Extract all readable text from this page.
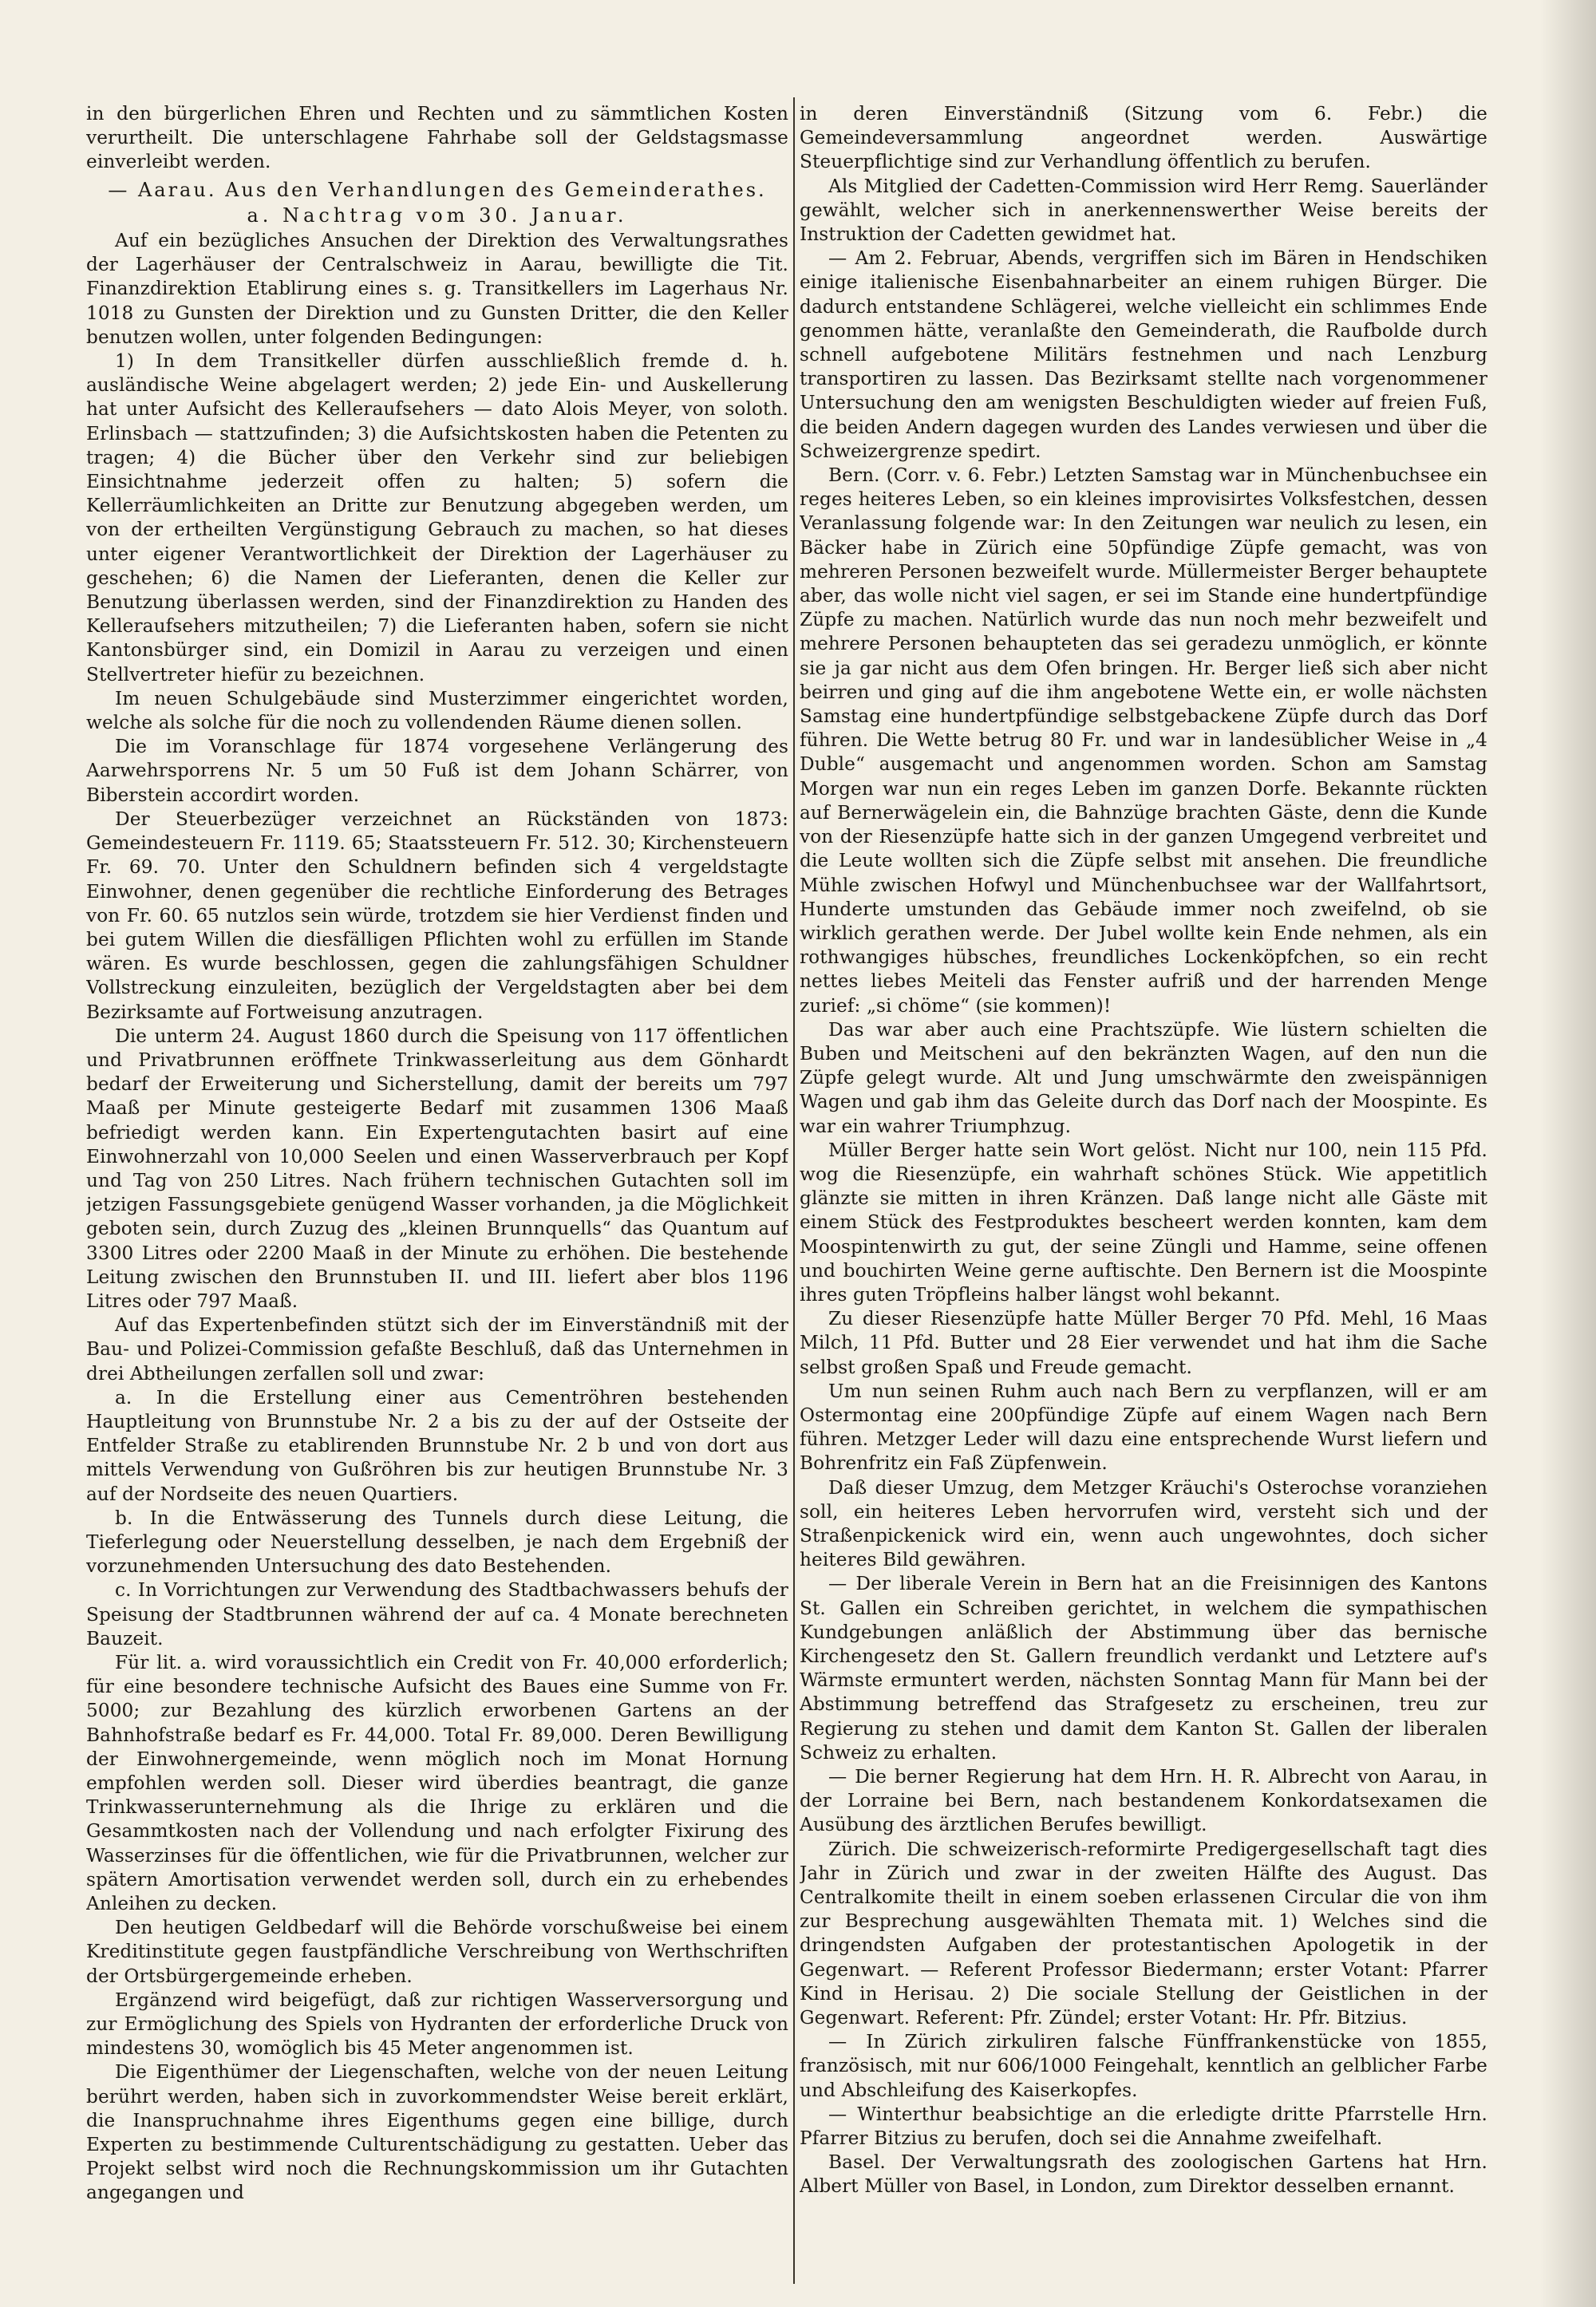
in den bürgerlichen Ehren und Rechten und zu sämmtlichen Kosten verurtheilt. Die unterschlagene Fahrhabe soll der Geldstagsmasse einverleibt werden.

— Aarau. Aus den Verhandlungen des Gemeinderathes.
a. Nachtrag vom 30. Januar.

Auf ein bezügliches Ansuchen der Direktion des Verwaltungsrathes der Lagerhäuser der Centralschweiz in Aarau, bewilligte die Tit. Finanzdirektion Etablirung eines s. g. Transitkellers im Lagerhaus Nr. 1018 zu Gunsten der Direktion und zu Gunsten Dritter, die den Keller benutzen wollen, unter folgenden Bedingungen:

1) In dem Transitkeller dürfen ausschließlich fremde d. h. ausländische Weine abgelagert werden; 2) jede Ein- und Auskellerung hat unter Aufsicht des Kelleraufsehers — dato Alois Meyer, von soloth. Erlinsbach — stattzufinden; 3) die Aufsichtskosten haben die Petenten zu tragen; 4) die Bücher über den Verkehr sind zur beliebigen Einsichtnahme jederzeit offen zu halten; 5) sofern die Kellerräumlichkeiten an Dritte zur Benutzung abgegeben werden, um von der ertheilten Vergünstigung Gebrauch zu machen, so hat dieses unter eigener Verantwortlichkeit der Direktion der Lagerhäuser zu geschehen; 6) die Namen der Lieferanten, denen die Keller zur Benutzung überlassen werden, sind der Finanzdirektion zu Handen des Kelleraufsehers mitzutheilen; 7) die Lieferanten haben, sofern sie nicht Kantonsbürger sind, ein Domizil in Aarau zu verzeigen und einen Stellvertreter hiefür zu bezeichnen.

Im neuen Schulgebäude sind Musterzimmer eingerichtet worden, welche als solche für die noch zu vollendenden Räume dienen sollen.

Die im Voranschlage für 1874 vorgesehene Verlängerung des Aarwehrsporrens Nr. 5 um 50 Fuß ist dem Johann Schärrer, von Biberstein accordirt worden.

Der Steuerbezüger verzeichnet an Rückständen von 1873: Gemeindesteuern Fr. 1119. 65; Staatssteuern Fr. 512. 30; Kirchensteuern Fr. 69. 70. Unter den Schuldnern befinden sich 4 vergeldstagte Einwohner, denen gegenüber die rechtliche Einforderung des Betrages von Fr. 60. 65 nutzlos sein würde, trotzdem sie hier Verdienst finden und bei gutem Willen die diesfälligen Pflichten wohl zu erfüllen im Stande wären. Es wurde beschlossen, gegen die zahlungsfähigen Schuldner Vollstreckung einzuleiten, bezüglich der Vergeldstagten aber bei dem Bezirksamte auf Fortweisung anzutragen.

Die unterm 24. August 1860 durch die Speisung von 117 öffentlichen und Privatbrunnen eröffnete Trinkwasserleitung aus dem Gönhardt bedarf der Erweiterung und Sicherstellung, damit der bereits um 797 Maaß per Minute gesteigerte Bedarf mit zusammen 1306 Maaß befriedigt werden kann. Ein Expertengutachten basirt auf eine Einwohnerzahl von 10,000 Seelen und einen Wasserverbrauch per Kopf und Tag von 250 Litres. Nach frühern technischen Gutachten soll im jetzigen Fassungsgebiete genügend Wasser vorhanden, ja die Möglichkeit geboten sein, durch Zuzug des „kleinen Brunnquells“ das Quantum auf 3300 Litres oder 2200 Maaß in der Minute zu erhöhen. Die bestehende Leitung zwischen den Brunnstuben II. und III. liefert aber blos 1196 Litres oder 797 Maaß.

Auf das Expertenbefinden stützt sich der im Einverständniß mit der Bau- und Polizei-Commission gefaßte Beschluß, daß das Unternehmen in drei Abtheilungen zerfallen soll und zwar:

a. In die Erstellung einer aus Cementröhren bestehenden Hauptleitung von Brunnstube Nr. 2 a bis zu der auf der Ostseite der Entfelder Straße zu etablirenden Brunnstube Nr. 2 b und von dort aus mittels Verwendung von Gußröhren bis zur heutigen Brunnstube Nr. 3 auf der Nordseite des neuen Quartiers.

b. In die Entwässerung des Tunnels durch diese Leitung, die Tieferlegung oder Neuerstellung desselben, je nach dem Ergebniß der vorzunehmenden Untersuchung des dato Bestehenden.

c. In Vorrichtungen zur Verwendung des Stadtbachwassers behufs der Speisung der Stadtbrunnen während der auf ca. 4 Monate berechneten Bauzeit.

Für lit. a. wird voraussichtlich ein Credit von Fr. 40,000 erforderlich; für eine besondere technische Aufsicht des Baues eine Summe von Fr. 5000; zur Bezahlung des kürzlich erworbenen Gartens an der Bahnhofstraße bedarf es Fr. 44,000. Total Fr. 89,000. Deren Bewilligung der Einwohnergemeinde, wenn möglich noch im Monat Hornung empfohlen werden soll. Dieser wird überdies beantragt, die ganze Trinkwasserunternehmung als die Ihrige zu erklären und die Gesammtkosten nach der Vollendung und nach erfolgter Fixirung des Wasserzinses für die öffentlichen, wie für die Privatbrunnen, welcher zur spätern Amortisation verwendet werden soll, durch ein zu erhebendes Anleihen zu decken.

Den heutigen Geldbedarf will die Behörde vorschußweise bei einem Kreditinstitute gegen faustpfändliche Verschreibung von Werthschriften der Ortsbürgergemeinde erheben.

Ergänzend wird beigefügt, daß zur richtigen Wasserversorgung und zur Ermöglichung des Spiels von Hydranten der erforderliche Druck von mindestens 30, womöglich bis 45 Meter angenommen ist.

Die Eigenthümer der Liegenschaften, welche von der neuen Leitung berührt werden, haben sich in zuvorkommendster Weise bereit erklärt, die Inanspruchnahme ihres Eigenthums gegen eine billige, durch Experten zu bestimmende Culturentschädigung zu gestatten. Ueber das Projekt selbst wird noch die Rechnungskommission um ihr Gutachten angegangen und

in deren Einverständniß (Sitzung vom 6. Febr.) die Gemeindeversammlung angeordnet werden. Auswärtige Steuerpflichtige sind zur Verhandlung öffentlich zu berufen.

Als Mitglied der Cadetten-Commission wird Herr Remg. Sauerländer gewählt, welcher sich in anerkennenswerther Weise bereits der Instruktion der Cadetten gewidmet hat.

— Am 2. Februar, Abends, vergriffen sich im Bären in Hendschiken einige italienische Eisenbahnarbeiter an einem ruhigen Bürger. Die dadurch entstandene Schlägerei, welche vielleicht ein schlimmes Ende genommen hätte, veranlaßte den Gemeinderath, die Raufbolde durch schnell aufgebotene Militärs festnehmen und nach Lenzburg transportiren zu lassen. Das Bezirksamt stellte nach vorgenommener Untersuchung den am wenigsten Beschuldigten wieder auf freien Fuß, die beiden Andern dagegen wurden des Landes verwiesen und über die Schweizergrenze spedirt.

Bern. (Corr. v. 6. Febr.) Letzten Samstag war in Münchenbuchsee ein reges heiteres Leben, so ein kleines improvisirtes Volksfestchen, dessen Veranlassung folgende war: In den Zeitungen war neulich zu lesen, ein Bäcker habe in Zürich eine 50pfündige Züpfe gemacht, was von mehreren Personen bezweifelt wurde. Müllermeister Berger behauptete aber, das wolle nicht viel sagen, er sei im Stande eine hundertpfündige Züpfe zu machen. Natürlich wurde das nun noch mehr bezweifelt und mehrere Personen behaupteten das sei geradezu unmöglich, er könnte sie ja gar nicht aus dem Ofen bringen. Hr. Berger ließ sich aber nicht beirren und ging auf die ihm angebotene Wette ein, er wolle nächsten Samstag eine hundertpfündige selbstgebackene Züpfe durch das Dorf führen. Die Wette betrug 80 Fr. und war in landesüblicher Weise in „4 Duble“ ausgemacht und angenommen worden. Schon am Samstag Morgen war nun ein reges Leben im ganzen Dorfe. Bekannte rückten auf Bernerwägelein ein, die Bahnzüge brachten Gäste, denn die Kunde von der Riesenzüpfe hatte sich in der ganzen Umgegend verbreitet und die Leute wollten sich die Züpfe selbst mit ansehen. Die freundliche Mühle zwischen Hofwyl und Münchenbuchsee war der Wallfahrtsort, Hunderte umstunden das Gebäude immer noch zweifelnd, ob sie wirklich gerathen werde. Der Jubel wollte kein Ende nehmen, als ein rothwangiges hübsches, freundliches Lockenköpfchen, so ein recht nettes liebes Meiteli das Fenster aufriß und der harrenden Menge zurief: „si chöme“ (sie kommen)!

Das war aber auch eine Prachtszüpfe. Wie lüstern schielten die Buben und Meitscheni auf den bekränzten Wagen, auf den nun die Züpfe gelegt wurde. Alt und Jung umschwärmte den zweispännigen Wagen und gab ihm das Geleite durch das Dorf nach der Moospinte. Es war ein wahrer Triumphzug.

Müller Berger hatte sein Wort gelöst. Nicht nur 100, nein 115 Pfd. wog die Riesenzüpfe, ein wahrhaft schönes Stück. Wie appetitlich glänzte sie mitten in ihren Kränzen. Daß lange nicht alle Gäste mit einem Stück des Festproduktes bescheert werden konnten, kam dem Moospintenwirth zu gut, der seine Züngli und Hamme, seine offenen und bouchirten Weine gerne auftischte. Den Bernern ist die Moospinte ihres guten Tröpfleins halber längst wohl bekannt.

Zu dieser Riesenzüpfe hatte Müller Berger 70 Pfd. Mehl, 16 Maas Milch, 11 Pfd. Butter und 28 Eier verwendet und hat ihm die Sache selbst großen Spaß und Freude gemacht.

Um nun seinen Ruhm auch nach Bern zu verpflanzen, will er am Ostermontag eine 200pfündige Züpfe auf einem Wagen nach Bern führen. Metzger Leder will dazu eine entsprechende Wurst liefern und Bohrenfritz ein Faß Züpfenwein.

Daß dieser Umzug, dem Metzger Kräuchi's Osterochse voranziehen soll, ein heiteres Leben hervorrufen wird, versteht sich und der Straßenpickenick wird ein, wenn auch ungewohntes, doch sicher heiteres Bild gewähren.

— Der liberale Verein in Bern hat an die Freisinnigen des Kantons St. Gallen ein Schreiben gerichtet, in welchem die sympathischen Kundgebungen anläßlich der Abstimmung über das bernische Kirchengesetz den St. Gallern freundlich verdankt und Letztere auf's Wärmste ermuntert werden, nächsten Sonntag Mann für Mann bei der Abstimmung betreffend das Strafgesetz zu erscheinen, treu zur Regierung zu stehen und damit dem Kanton St. Gallen der liberalen Schweiz zu erhalten.

— Die berner Regierung hat dem Hrn. H. R. Albrecht von Aarau, in der Lorraine bei Bern, nach bestandenem Konkordatsexamen die Ausübung des ärztlichen Berufes bewilligt.

Zürich. Die schweizerisch-reformirte Predigergesellschaft tagt dies Jahr in Zürich und zwar in der zweiten Hälfte des August. Das Centralkomite theilt in einem soeben erlassenen Circular die von ihm zur Besprechung ausgewählten Themata mit. 1) Welches sind die dringendsten Aufgaben der protestantischen Apologetik in der Gegenwart. — Referent Professor Biedermann; erster Votant: Pfarrer Kind in Herisau. 2) Die sociale Stellung der Geistlichen in der Gegenwart. Referent: Pfr. Zündel; erster Votant: Hr. Pfr. Bitzius.

— In Zürich zirkuliren falsche Fünffrankenstücke von 1855, französisch, mit nur 606/1000 Feingehalt, kenntlich an gelblicher Farbe und Abschleifung des Kaiserkopfes.

— Winterthur beabsichtige an die erledigte dritte Pfarrstelle Hrn. Pfarrer Bitzius zu berufen, doch sei die Annahme zweifelhaft.

Basel. Der Verwaltungsrath des zoologischen Gartens hat Hrn. Albert Müller von Basel, in London, zum Direktor desselben ernannt.
